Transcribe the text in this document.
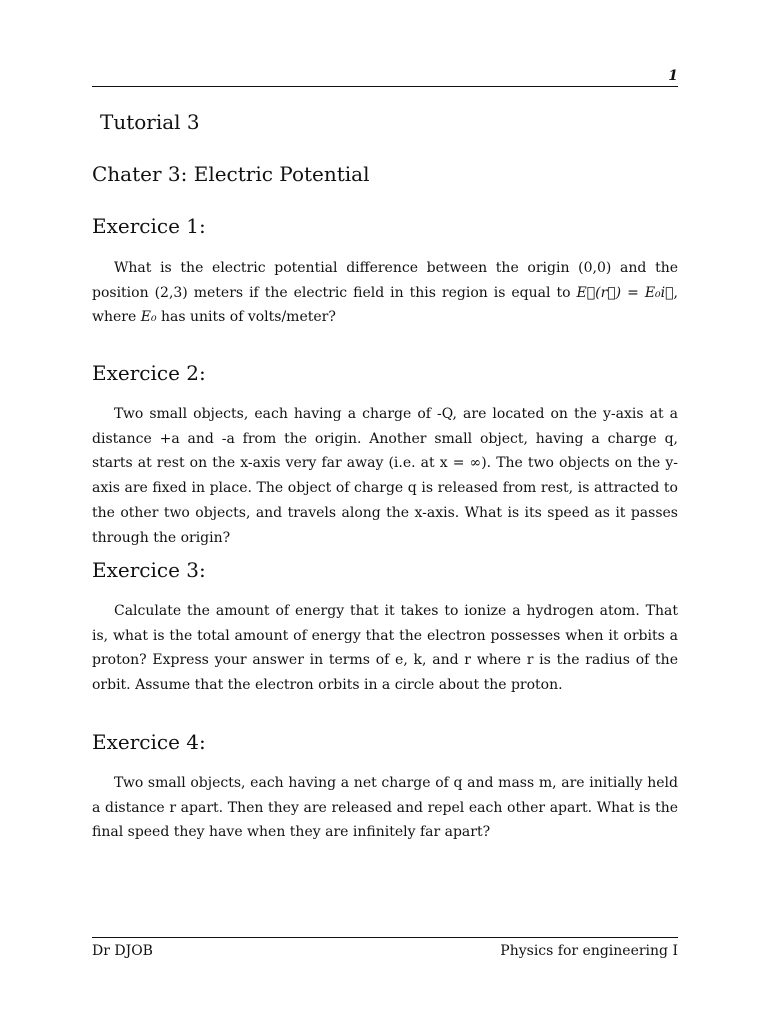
1
Tutorial 3
Chater 3: Electric Potential
Exercice 1:

What is the electric potential difference between the origin (0,0) and the position (2,3) meters if the electric field in this region is equal to E⃗(r⃗) = E₀i⃗, where E₀ has units of volts/meter?

Exercice 2:

Two small objects, each having a charge of -Q, are located on the y-axis at a distance +a and -a from the origin. Another small object, having a charge q, starts at rest on the x-axis very far away (i.e. at x = ∞). The two objects on the y-axis are fixed in place. The object of charge q is released from rest, is attracted to the other two objects, and travels along the x-axis. What is its speed as it passes through the origin?

Exercice 3:

Calculate the amount of energy that it takes to ionize a hydrogen atom. That is, what is the total amount of energy that the electron possesses when it orbits a proton? Express your answer in terms of e, k, and r where r is the radius of the orbit. Assume that the electron orbits in a circle about the proton.

Exercice 4:

Two small objects, each having a net charge of q and mass m, are initially held a distance r apart. Then they are released and repel each other apart. What is the final speed they have when they are infinitely far apart?

Dr DJOB	Physics for engineering I
